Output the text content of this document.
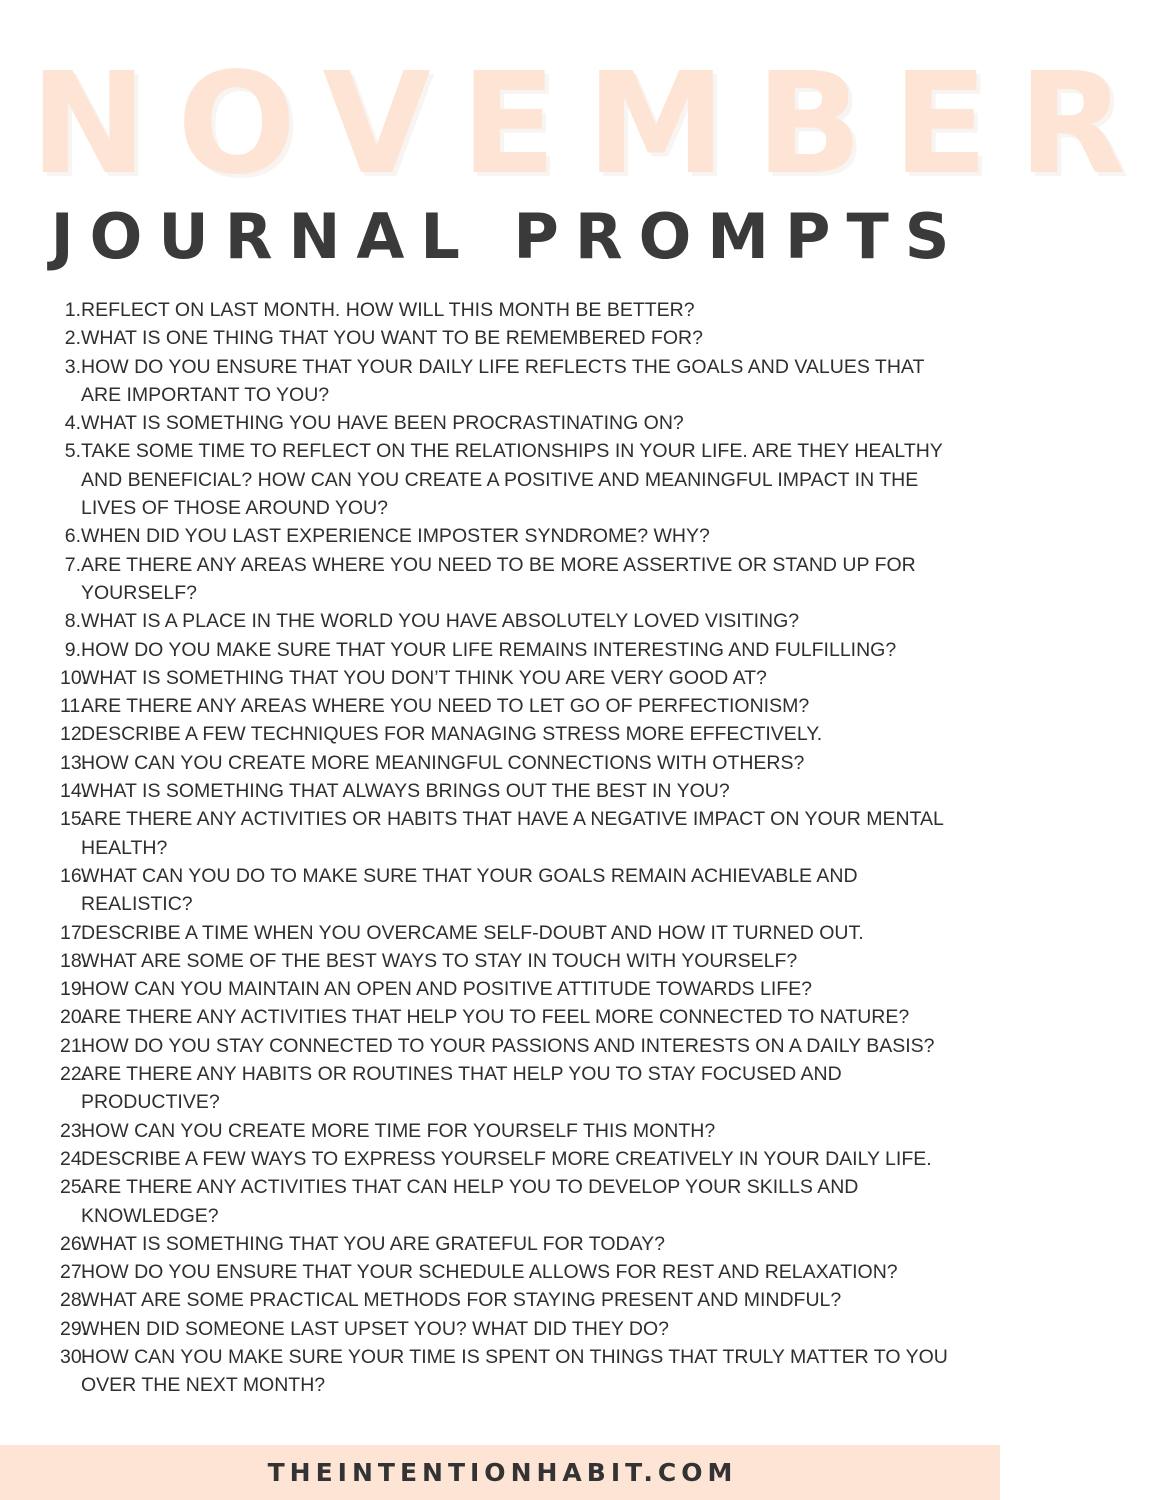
NOVEMBER
JOURNAL PROMPTS
1. REFLECT ON LAST MONTH. HOW WILL THIS MONTH BE BETTER?
2. WHAT IS ONE THING THAT YOU WANT TO BE REMEMBERED FOR?
3. HOW DO YOU ENSURE THAT YOUR DAILY LIFE REFLECTS THE GOALS AND VALUES THAT ARE IMPORTANT TO YOU?
4. WHAT IS SOMETHING YOU HAVE BEEN PROCRASTINATING ON?
5. TAKE SOME TIME TO REFLECT ON THE RELATIONSHIPS IN YOUR LIFE. ARE THEY HEALTHY AND BENEFICIAL? HOW CAN YOU CREATE A POSITIVE AND MEANINGFUL IMPACT IN THE LIVES OF THOSE AROUND YOU?
6. WHEN DID YOU LAST EXPERIENCE IMPOSTER SYNDROME? WHY?
7. ARE THERE ANY AREAS WHERE YOU NEED TO BE MORE ASSERTIVE OR STAND UP FOR YOURSELF?
8. WHAT IS A PLACE IN THE WORLD YOU HAVE ABSOLUTELY LOVED VISITING?
9. HOW DO YOU MAKE SURE THAT YOUR LIFE REMAINS INTERESTING AND FULFILLING?
10.
WHAT IS SOMETHING THAT YOU DON’T THINK YOU ARE VERY GOOD AT?
11.
ARE THERE ANY AREAS WHERE YOU NEED TO LET GO OF PERFECTIONISM?
12.
DESCRIBE A FEW TECHNIQUES FOR MANAGING STRESS MORE EFFECTIVELY.
13.
HOW CAN YOU CREATE MORE MEANINGFUL CONNECTIONS WITH OTHERS?
14.
WHAT IS SOMETHING THAT ALWAYS BRINGS OUT THE BEST IN YOU?
15.
ARE THERE ANY ACTIVITIES OR HABITS THAT HAVE A NEGATIVE IMPACT ON YOUR MENTAL HEALTH?
16.
WHAT CAN YOU DO TO MAKE SURE THAT YOUR GOALS REMAIN ACHIEVABLE AND REALISTIC?
17.
DESCRIBE A TIME WHEN YOU OVERCAME SELF-DOUBT AND HOW IT TURNED OUT.
18.
WHAT ARE SOME OF THE BEST WAYS TO STAY IN TOUCH WITH YOURSELF?
19.
HOW CAN YOU MAINTAIN AN OPEN AND POSITIVE ATTITUDE TOWARDS LIFE?
20.
ARE THERE ANY ACTIVITIES THAT HELP YOU TO FEEL MORE CONNECTED TO NATURE?
21.
HOW DO YOU STAY CONNECTED TO YOUR PASSIONS AND INTERESTS ON A DAILY BASIS?
22.
ARE THERE ANY HABITS OR ROUTINES THAT HELP YOU TO STAY FOCUSED AND PRODUCTIVE?
23.
HOW CAN YOU CREATE MORE TIME FOR YOURSELF THIS MONTH?
24.
DESCRIBE A FEW WAYS TO EXPRESS YOURSELF MORE CREATIVELY IN YOUR DAILY LIFE.
25.
ARE THERE ANY ACTIVITIES THAT CAN HELP YOU TO DEVELOP YOUR SKILLS AND KNOWLEDGE?
26.
WHAT IS SOMETHING THAT YOU ARE GRATEFUL FOR TODAY?
27.
HOW DO YOU ENSURE THAT YOUR SCHEDULE ALLOWS FOR REST AND RELAXATION?
28.
WHAT ARE SOME PRACTICAL METHODS FOR STAYING PRESENT AND MINDFUL?
29.
WHEN DID SOMEONE LAST UPSET YOU? WHAT DID THEY DO?
30.
HOW CAN YOU MAKE SURE YOUR TIME IS SPENT ON THINGS THAT TRULY MATTER TO YOU OVER THE NEXT MONTH?
THEINTENTIONHABIT.COM
